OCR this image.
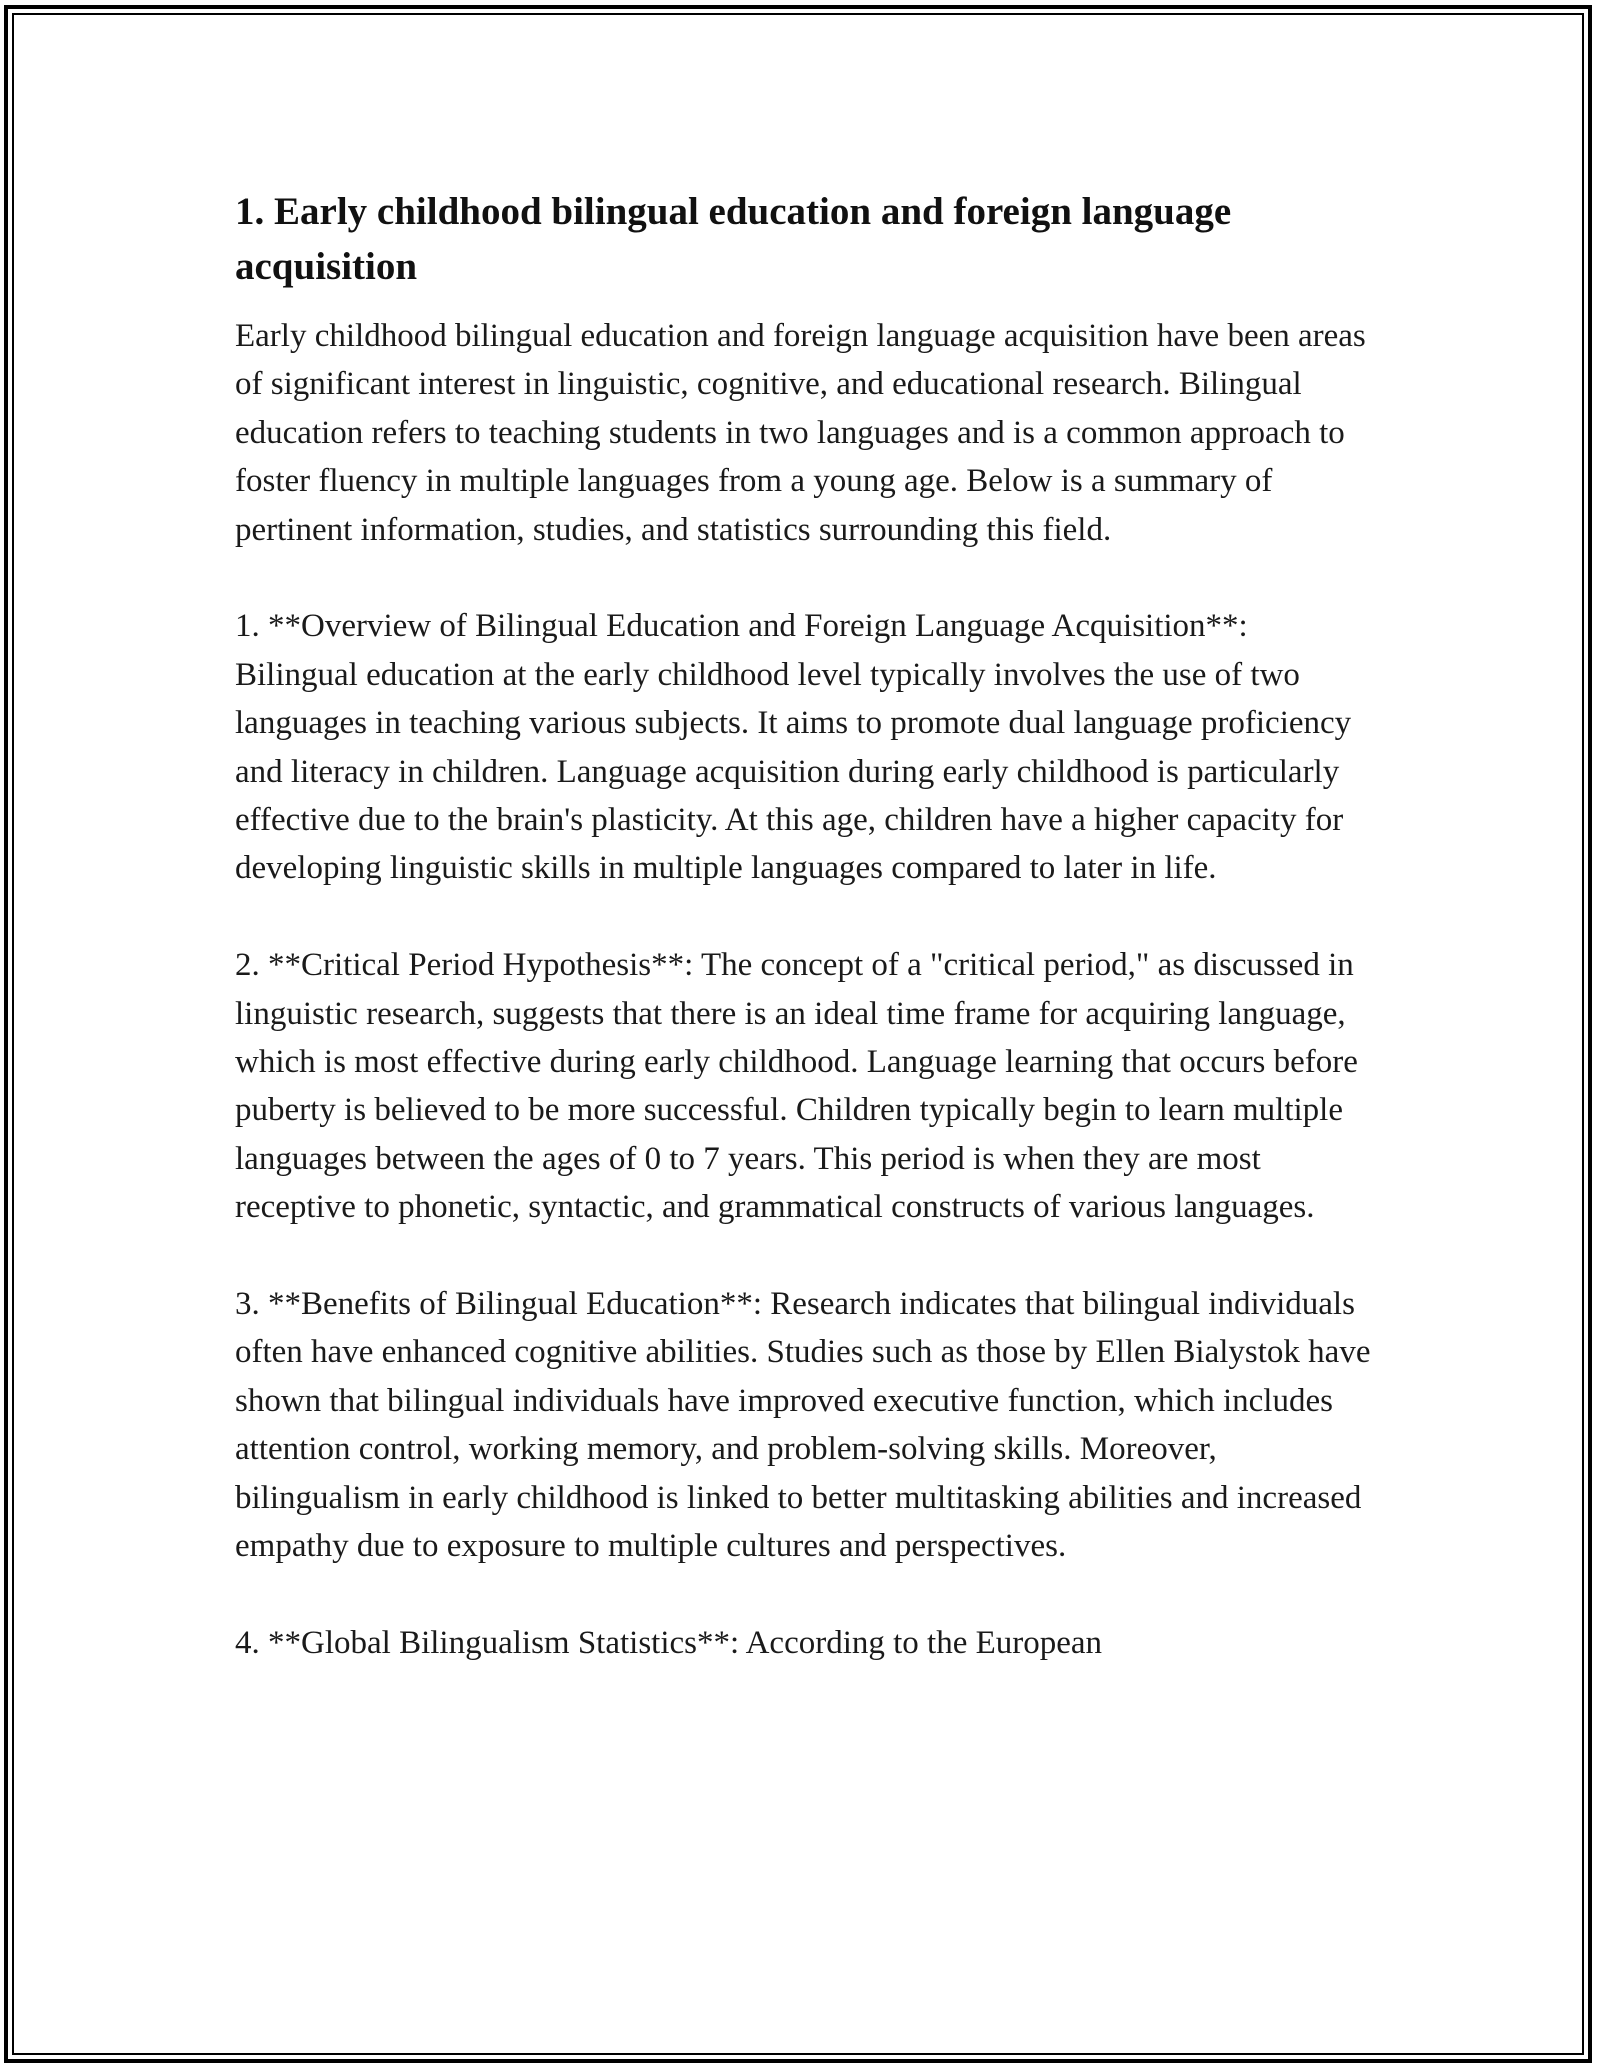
1. Early childhood bilingual education and foreign language acquisition

Early childhood bilingual education and foreign language acquisition have been areas of significant interest in linguistic, cognitive, and educational research. Bilingual education refers to teaching students in two languages and is a common approach to foster fluency in multiple languages from a young age. Below is a summary of pertinent information, studies, and statistics surrounding this field.

1. **Overview of Bilingual Education and Foreign Language Acquisition**: Bilingual education at the early childhood level typically involves the use of two languages in teaching various subjects. It aims to promote dual language proficiency and literacy in children. Language acquisition during early childhood is particularly effective due to the brain's plasticity. At this age, children have a higher capacity for developing linguistic skills in multiple languages compared to later in life.

2. **Critical Period Hypothesis**: The concept of a "critical period," as discussed in linguistic research, suggests that there is an ideal time frame for acquiring language, which is most effective during early childhood. Language learning that occurs before puberty is believed to be more successful. Children typically begin to learn multiple languages between the ages of 0 to 7 years. This period is when they are most receptive to phonetic, syntactic, and grammatical constructs of various languages.

3. **Benefits of Bilingual Education**: Research indicates that bilingual individuals often have enhanced cognitive abilities. Studies such as those by Ellen Bialystok have shown that bilingual individuals have improved executive function, which includes attention control, working memory, and problem-solving skills. Moreover, bilingualism in early childhood is linked to better multitasking abilities and increased empathy due to exposure to multiple cultures and perspectives.

4. **Global Bilingualism Statistics**: According to the European
